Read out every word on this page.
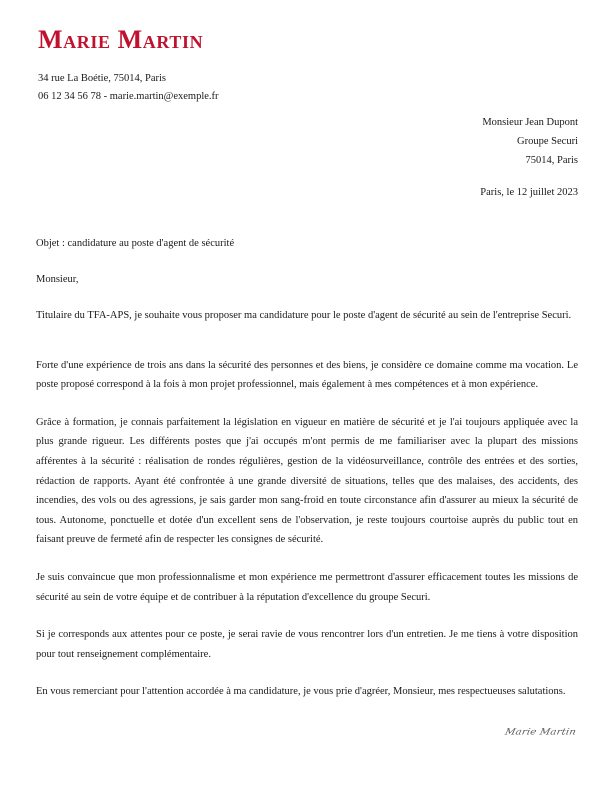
Marie Martin
34 rue La Boétie, 75014, Paris
06 12 34 56 78 - marie.martin@exemple.fr
Monsieur Jean Dupont
Groupe Securi
75014, Paris
Paris, le 12 juillet 2023
Objet : candidature au poste d'agent de sécurité
Monsieur,

Titulaire du TFA-APS, je souhaite vous proposer ma candidature pour le poste d'agent de sécurité au sein de l'entreprise Securi.

Forte d'une expérience de trois ans dans la sécurité des personnes et des biens, je considère ce domaine comme ma vocation. Le poste proposé correspond à la fois à mon projet professionnel, mais également à mes compétences et à mon expérience.

Grâce à formation, je connais parfaitement la législation en vigueur en matière de sécurité et je l'ai toujours appliquée avec la plus grande rigueur. Les différents postes que j'ai occupés m'ont permis de me familiariser avec la plupart des missions afférentes à la sécurité : réalisation de rondes régulières, gestion de la vidéosurveillance, contrôle des entrées et des sorties, rédaction de rapports. Ayant été confrontée à une grande diversité de situations, telles que des malaises, des accidents, des incendies, des vols ou des agressions, je sais garder mon sang-froid en toute circonstance afin d'assurer au mieux la sécurité de tous. Autonome, ponctuelle et dotée d'un excellent sens de l'observation, je reste toujours courtoise auprès du public tout en faisant preuve de fermeté afin de respecter les consignes de sécurité.

Je suis convaincue que mon professionnalisme et mon expérience me permettront d'assurer efficacement toutes les missions de sécurité au sein de votre équipe et de contribuer à la réputation d'excellence du groupe Securi.

Si je corresponds aux attentes pour ce poste, je serai ravie de vous rencontrer lors d'un entretien. Je me tiens à votre disposition pour tout renseignement complémentaire.

En vous remerciant pour l'attention accordée à ma candidature, je vous prie d'agréer, Monsieur, mes respectueuses salutations.

Marie Martin
